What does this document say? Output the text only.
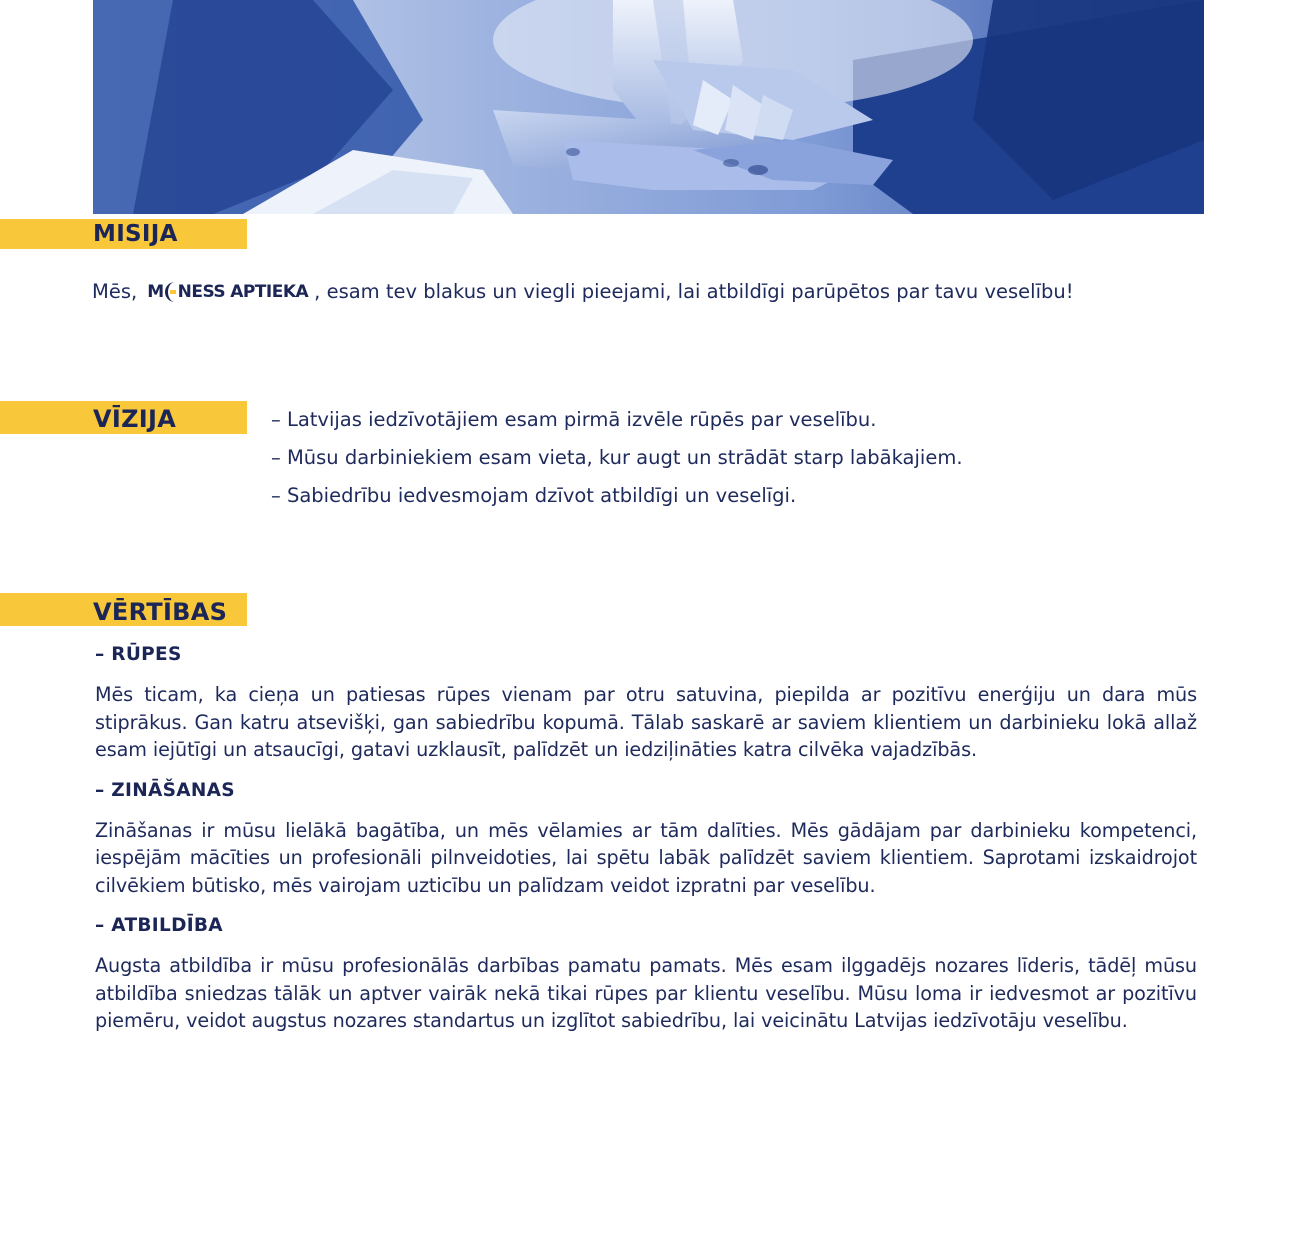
MISIJA
Mēs, M NESS APTIEKA , esam tev blakus un viegli pieejami, lai atbildīgi parūpētos par tavu veselību!
VĪZIJA	– Latvijas iedzīvotājiem esam pirmā izvēle rūpēs par veselību.
– Mūsu darbiniekiem esam vieta, kur augt un strādāt starp labākajiem.
– Sabiedrību iedvesmojam dzīvot atbildīgi un veselīgi.
VĒRTĪBAS
– RŪPES
Mēs ticam, ka cieņa un patiesas rūpes vienam par otru satuvina, piepilda ar pozitīvu enerģiju un dara mūs stiprākus. Gan katru atsevišķi, gan sabiedrību kopumā. Tālab saskarē ar saviem klientiem un darbinieku lokā allaž esam iejūtīgi un atsaucīgi, gatavi uzklausīt, palīdzēt un iedziļināties katra cilvēka vajadzībās.
– ZINĀŠANAS
Zināšanas ir mūsu lielākā bagātība, un mēs vēlamies ar tām dalīties. Mēs gādājam par darbinieku kompetenci, iespējām mācīties un profesionāli pilnveidoties, lai spētu labāk palīdzēt saviem klientiem. Saprotami izskaidrojot cilvēkiem būtisko, mēs vairojam uzticību un palīdzam veidot izpratni par veselību.
– ATBILDĪBA
Augsta atbildība ir mūsu profesionālās darbības pamatu pamats. Mēs esam ilggadējs nozares līderis, tādēļ mūsu atbildība sniedzas tālāk un aptver vairāk nekā tikai rūpes par klientu veselību. Mūsu loma ir iedvesmot ar pozitīvu piemēru, veidot augstus nozares standartus un izglītot sabiedrību, lai veicinātu Latvijas iedzīvotāju veselību.
